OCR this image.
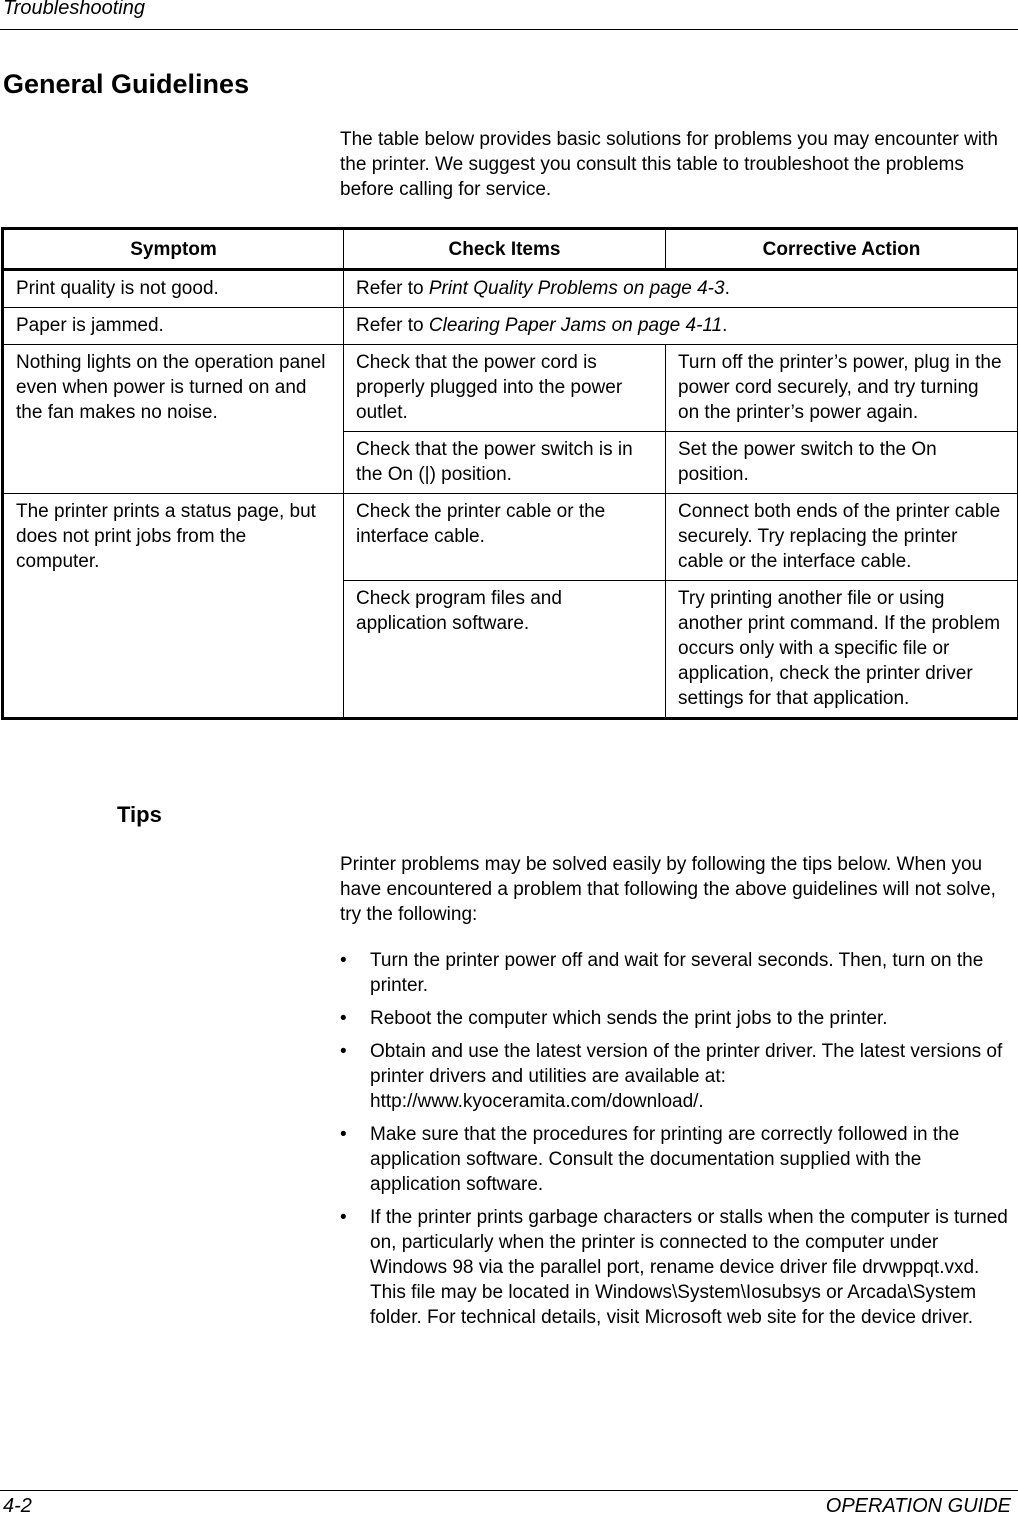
Troubleshooting
General Guidelines
The table below provides basic solutions for problems you may encounter with the printer. We suggest you consult this table to troubleshoot the problems before calling for service.
Symptom	Check Items	Corrective Action
Print quality is not good.	Refer to Print Quality Problems on page 4-3.	
Paper is jammed.	Refer to Clearing Paper Jams on page 4-11.	
Nothing lights on the operation panel even when power is turned on and the fan makes no noise.	Check that the power cord is properly plugged into the power outlet.	Turn off the printer’s power, plug in the power cord securely, and try turning on the printer’s power again.
	Check that the power switch is in the On (|) position.	Set the power switch to the On position.
The printer prints a status page, but does not print jobs from the computer.	Check the printer cable or the interface cable.	Connect both ends of the printer cable securely. Try replacing the printer cable or the interface cable.
	Check program files and application software.	Try printing another file or using another print command. If the problem occurs only with a specific file or application, check the printer driver settings for that application.
Tips
Printer problems may be solved easily by following the tips below. When you have encountered a problem that following the above guidelines will not solve, try the following:
• Turn the printer power off and wait for several seconds. Then, turn on the printer.
• Reboot the computer which sends the print jobs to the printer.
• Obtain and use the latest version of the printer driver. The latest versions of printer drivers and utilities are available at: http://www.kyoceramita.com/download/.
• Make sure that the procedures for printing are correctly followed in the application software. Consult the documentation supplied with the application software.
• If the printer prints garbage characters or stalls when the computer is turned on, particularly when the printer is connected to the computer under Windows 98 via the parallel port, rename device driver file drvwppqt.vxd. This file may be located in Windows\System\Iosubsys or Arcada\System folder. For technical details, visit Microsoft web site for the device driver.
4-2	OPERATION GUIDE
